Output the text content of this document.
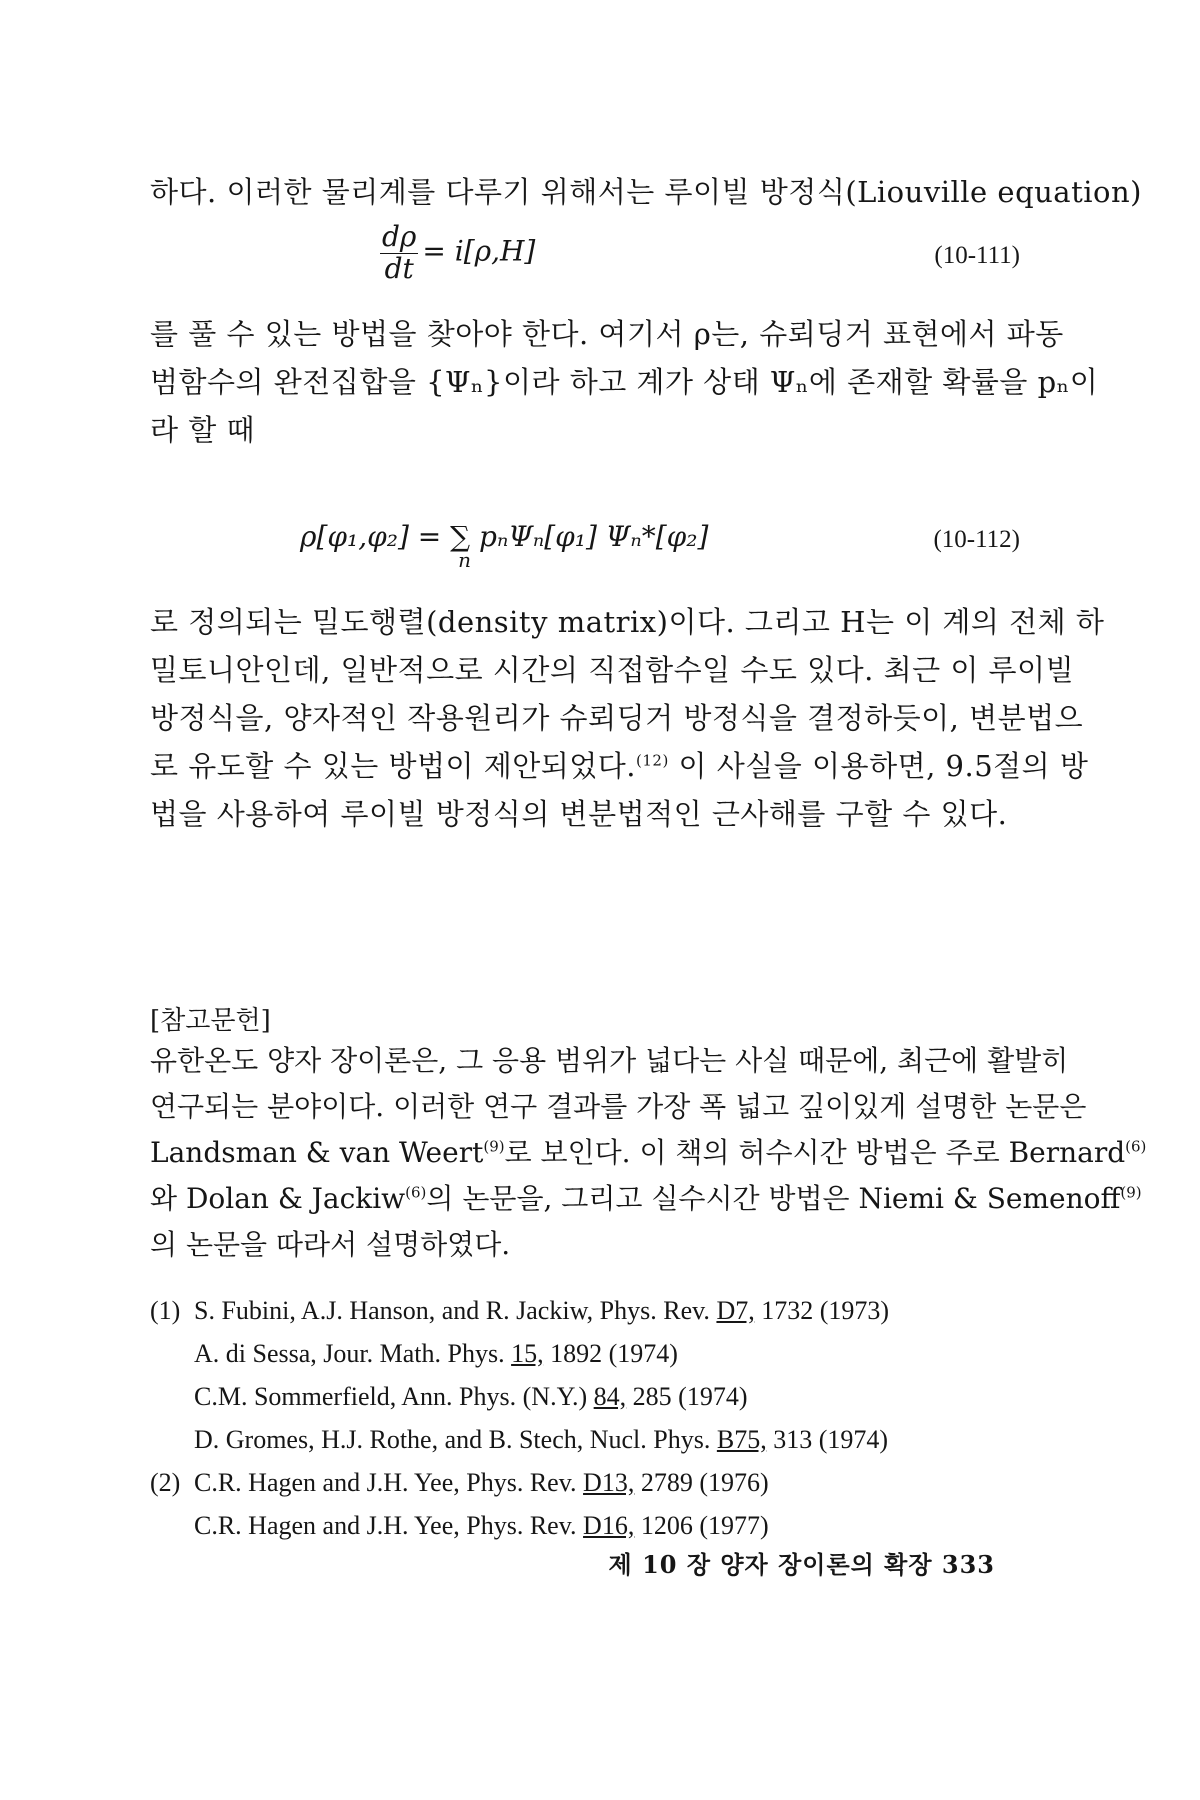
하다. 이러한 물리계를 다루기 위해서는 루이빌 방정식(Liouville equation)
$\frac{d\rho}{dt} = i[\rho,H]$	(10-111)
를 풀 수 있는 방법을 찾아야 한다. 여기서 ρ는, 슈뢰딩거 표현에서 파동
범함수의 완전집합을 {Ψₙ}이라 하고 계가 상태 Ψₙ에 존재할 확률을 pₙ이
라 할 때
ρ[φ₁,φ₂] = ∑
n
pₙΨₙ[φ₁] Ψₙ*[φ₂]	(10-112)
로 정의되는 밀도행렬(density matrix)이다. 그리고 H는 이 계의 전체 하
밀토니안인데, 일반적으로 시간의 직접함수일 수도 있다. 최근 이 루이빌
방정식을, 양자적인 작용원리가 슈뢰딩거 방정식을 결정하듯이, 변분법으
로 유도할 수 있는 방법이 제안되었다.$^{(12)}$ 이 사실을 이용하면, 9.5절의 방
법을 사용하여 루이빌 방정식의 변분법적인 근사해를 구할 수 있다.
[참고문헌]
유한온도 양자 장이론은, 그 응용 범위가 넓다는 사실 때문에, 최근에 활발히
연구되는 분야이다. 이러한 연구 결과를 가장 폭 넓고 깊이있게 설명한 논문은
Landsman & van Weert$^{(9)}$로 보인다. 이 책의 허수시간 방법은 주로 Bernard$^{(6)}$
와 Dolan & Jackiw$^{(6)}$의 논문을, 그리고 실수시간 방법은 Niemi & Semenoff$^{(9)}$
의 논문을 따라서 설명하였다.
(1) S. Fubini, A.J. Hanson, and R. Jackiw, Phys. Rev. D7, 1732 (1973)
A. di Sessa, Jour. Math. Phys. 15, 1892 (1974)
C.M. Sommerfield, Ann. Phys. (N.Y.) 84, 285 (1974)
D. Gromes, H.J. Rothe, and B. Stech, Nucl. Phys. B75, 313 (1974)
(2) C.R. Hagen and J.H. Yee, Phys. Rev. D13, 2789 (1976)
C.R. Hagen and J.H. Yee, Phys. Rev. D16, 1206 (1977)
제 10 장 양자 장이론의 확장 333
